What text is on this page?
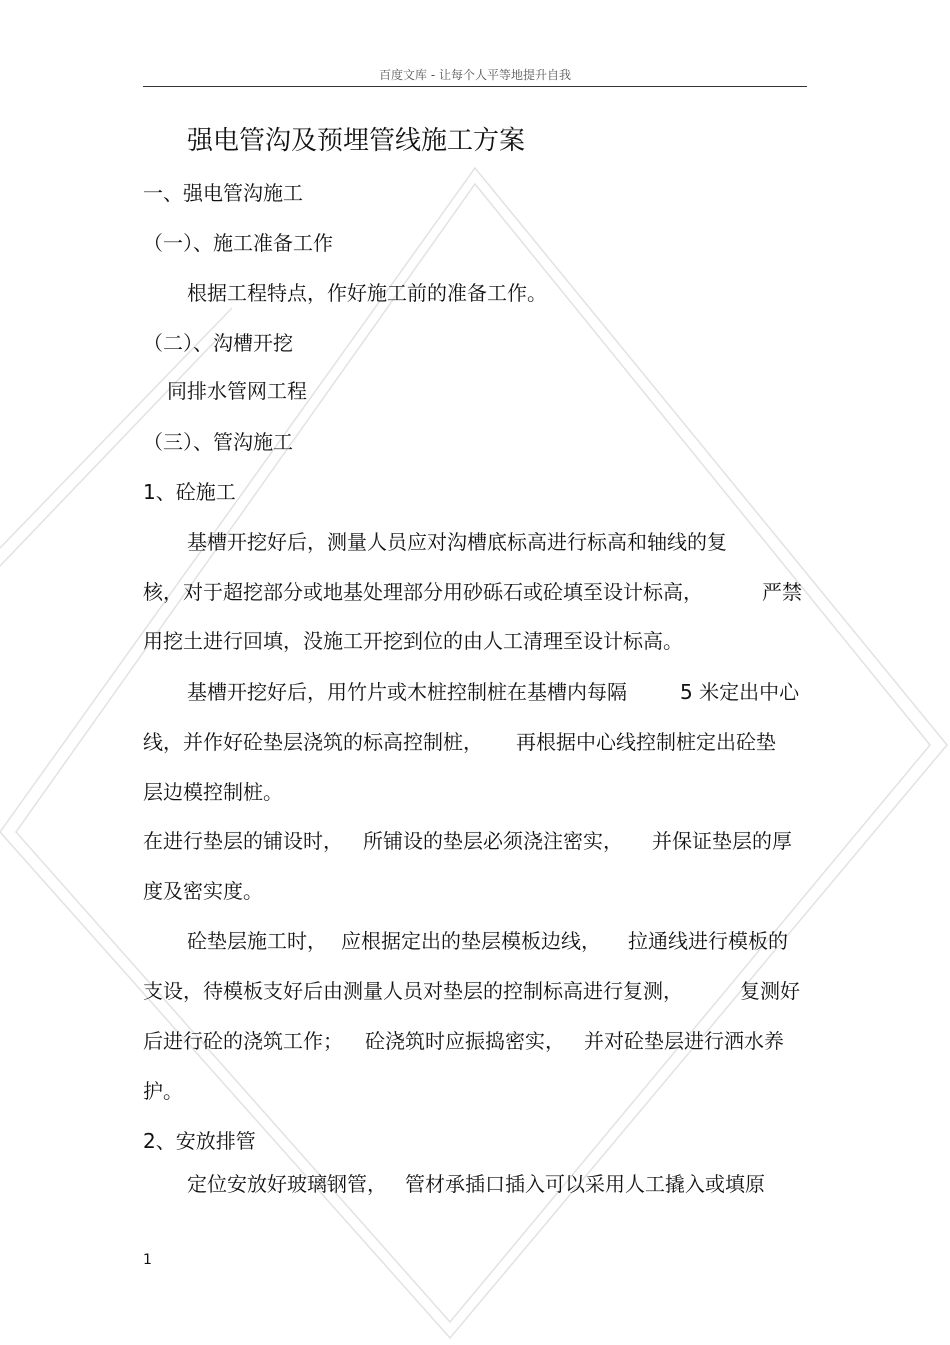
百度文库 - 让每个人平等地提升自我
强电管沟及预埋管线施工方案
一、强电管沟施工
（一）、施工准备工作
根据工程特点，作好施工前的准备工作。
（二）、沟槽开挖
同排水管网工程
（三）、管沟施工
1、砼施工
基槽开挖好后，测量人员应对沟槽底标高进行标高和轴线的复
核，对于超挖部分或地基处理部分用砂砾石或砼填至设计标高，	严禁
用挖土进行回填，没施工开挖到位的由人工清理至设计标高。
基槽开挖好后，用竹片或木桩控制桩在基槽内每隔	5 米定出中心
线，并作好砼垫层浇筑的标高控制桩， 再根据中心线控制桩定出砼垫
层边模控制桩。
在进行垫层的铺设时， 所铺设的垫层必须浇注密实， 并保证垫层的厚
度及密实度。
砼垫层施工时， 应根据定出的垫层模板边线， 拉通线进行模板的
支设，待模板支好后由测量人员对垫层的控制标高进行复测，	复测好
后进行砼的浇筑工作； 砼浇筑时应振捣密实， 并对砼垫层进行洒水养
护。
2、安放排管
定位安放好玻璃钢管， 管材承插口插入可以采用人工撬入或填原
1
